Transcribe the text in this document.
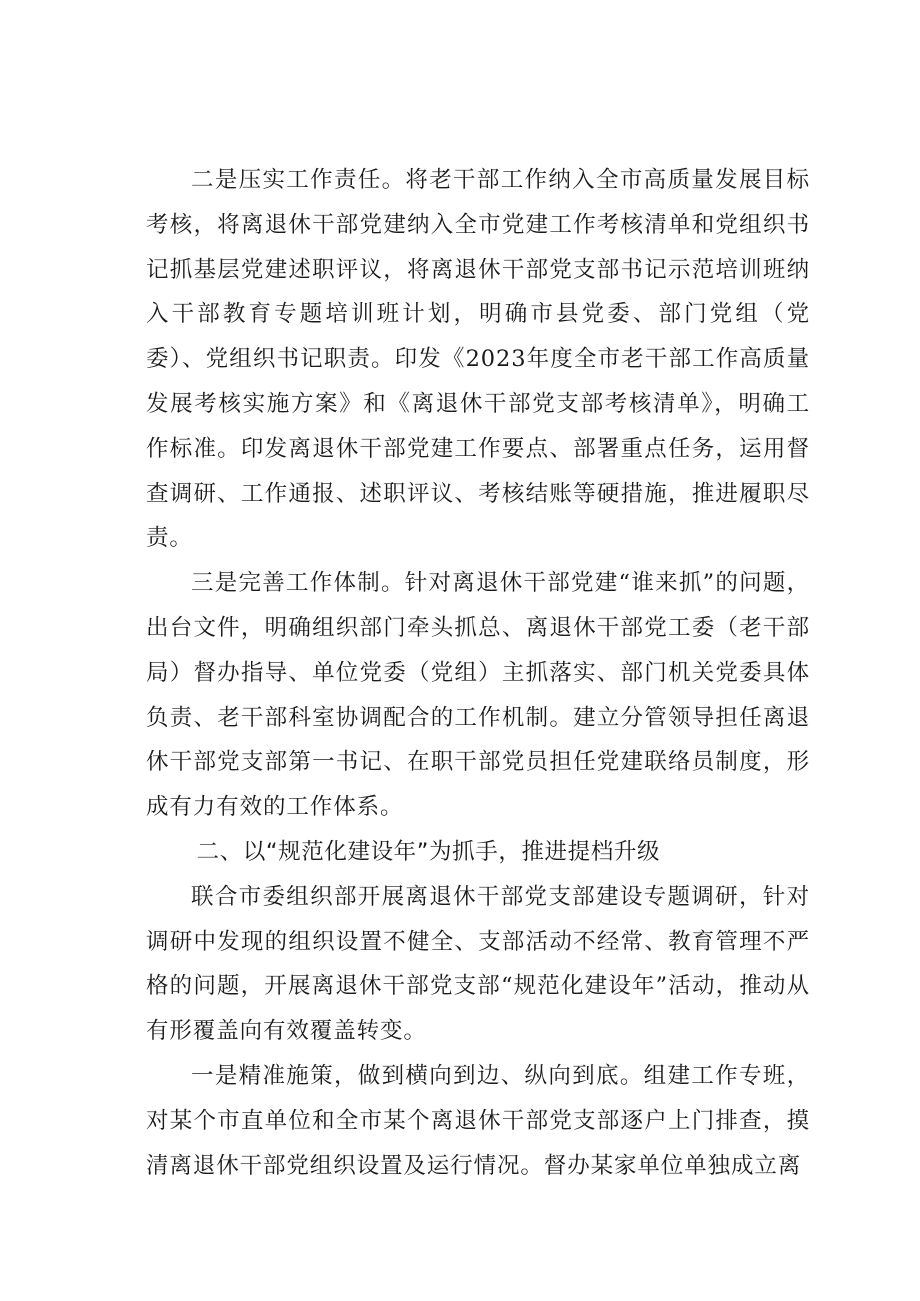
二是压实工作责任。将老干部工作纳入全市高质量发展目标考核，将离退休干部党建纳入全市党建工作考核清单和党组织书记抓基层党建述职评议，将离退休干部党支部书记示范培训班纳入干部教育专题培训班计划，明确市县党委、部门党组（党委）、党组织书记职责。印发《2023年度全市老干部工作高质量发展考核实施方案》和《离退休干部党支部考核清单》，明确工作标准。印发离退休干部党建工作要点、部署重点任务，运用督查调研、工作通报、述职评议、考核结账等硬措施，推进履职尽责。

三是完善工作体制。针对离退休干部党建“谁来抓”的问题，出台文件，明确组织部门牵头抓总、离退休干部党工委（老干部局）督办指导、单位党委（党组）主抓落实、部门机关党委具体负责、老干部科室协调配合的工作机制。建立分管领导担任离退休干部党支部第一书记、在职干部党员担任党建联络员制度，形成有力有效的工作体系。

二、以“规范化建设年”为抓手，推进提档升级

联合市委组织部开展离退休干部党支部建设专题调研，针对调研中发现的组织设置不健全、支部活动不经常、教育管理不严格的问题，开展离退休干部党支部“规范化建设年”活动，推动从有形覆盖向有效覆盖转变。

一是精准施策，做到横向到边、纵向到底。组建工作专班，对某个市直单位和全市某个离退休干部党支部逐户上门排查，摸清离退休干部党组织设置及运行情况。督办某家单位单独成立离
